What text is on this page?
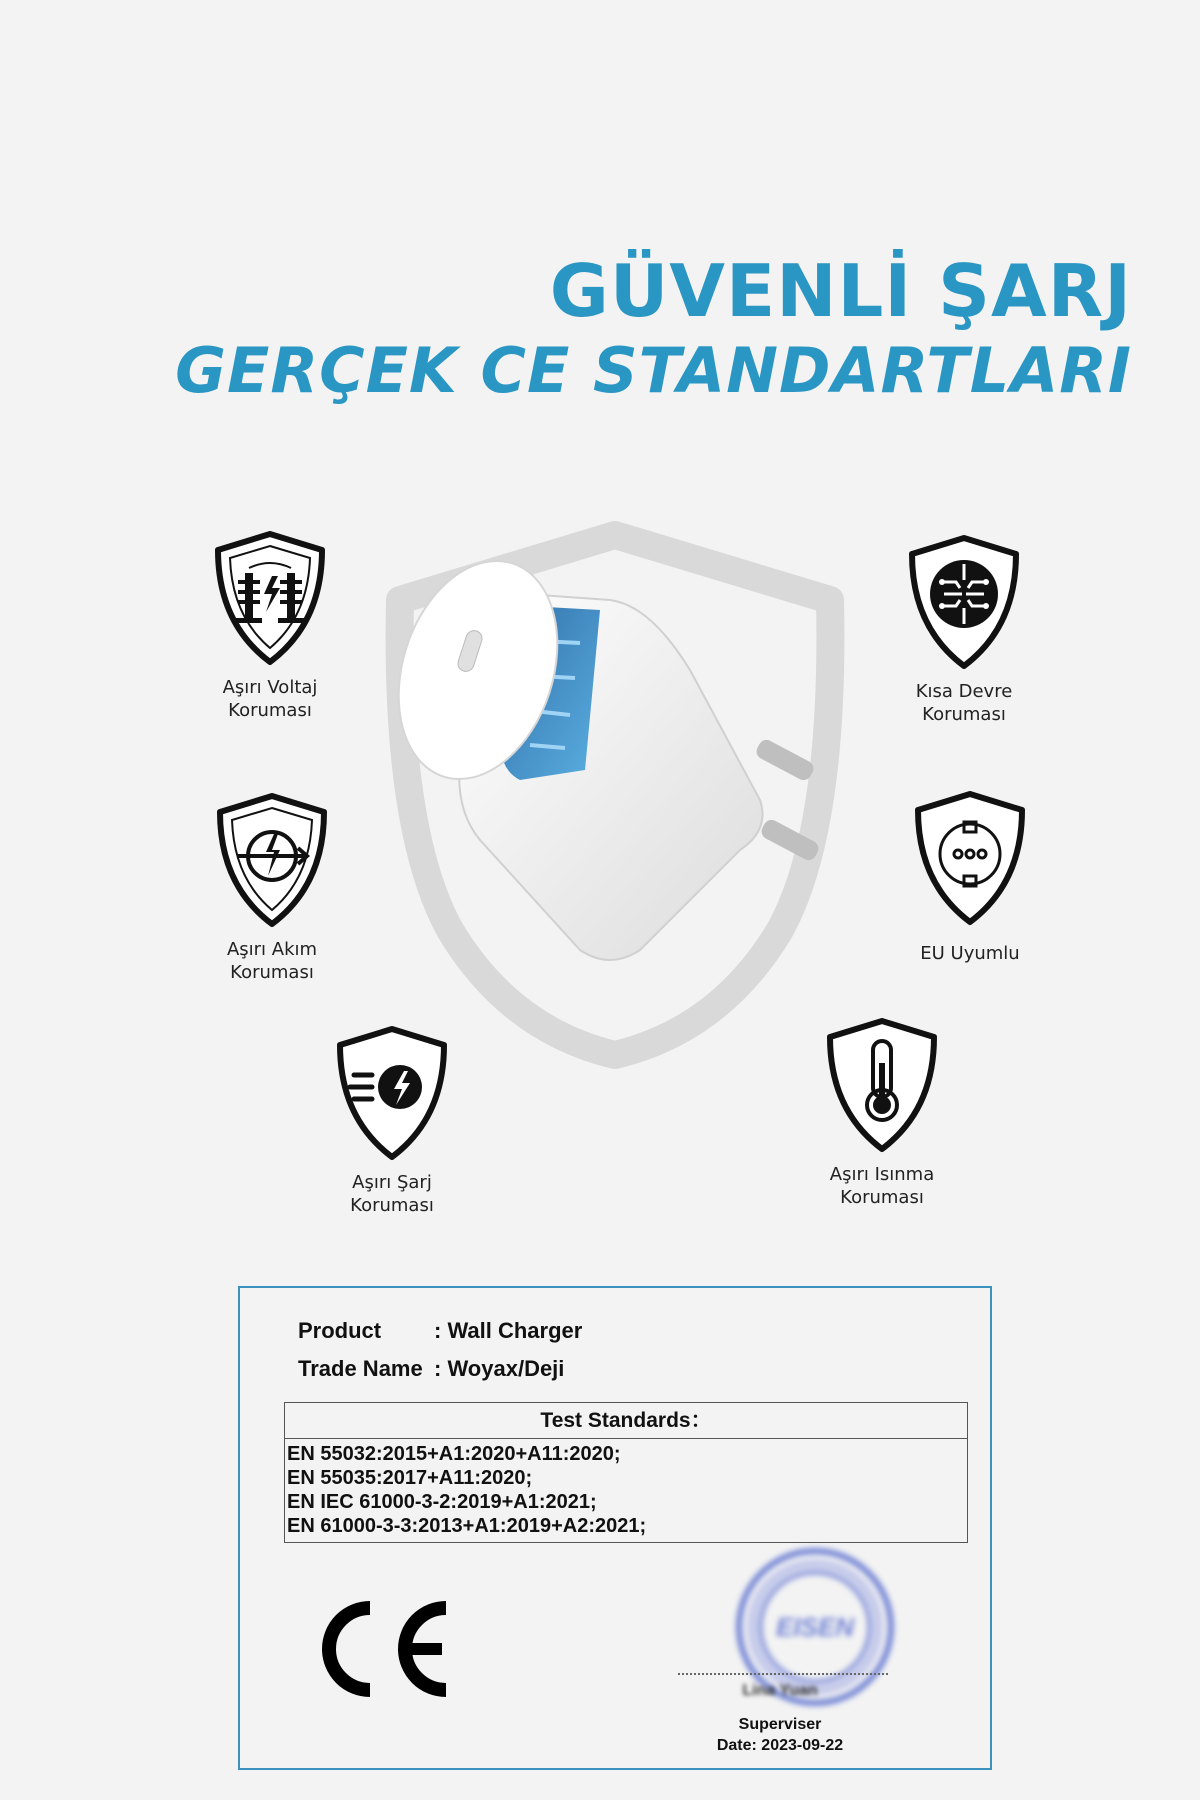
GÜVENLİ ŞARJ
GERÇEK CE STANDARTLARI
Aşırı Voltaj
Koruması
Kısa Devre
Koruması
Aşırı Akım
Koruması
EU Uyumlu
Aşırı Şarj
Koruması
Aşırı Isınma
Koruması
Product : Wall Charger
Trade Name : Woyax/Deji
Test Standards：
EN 55032:2015+A1:2020+A11:2020;
EN 55035:2017+A11:2020;
EN IEC 61000-3-2:2019+A1:2021;
EN 61000-3-3:2013+A1:2019+A2:2021;
EISEN
Lina Yuan
Superviser
Date: 2023-09-22
